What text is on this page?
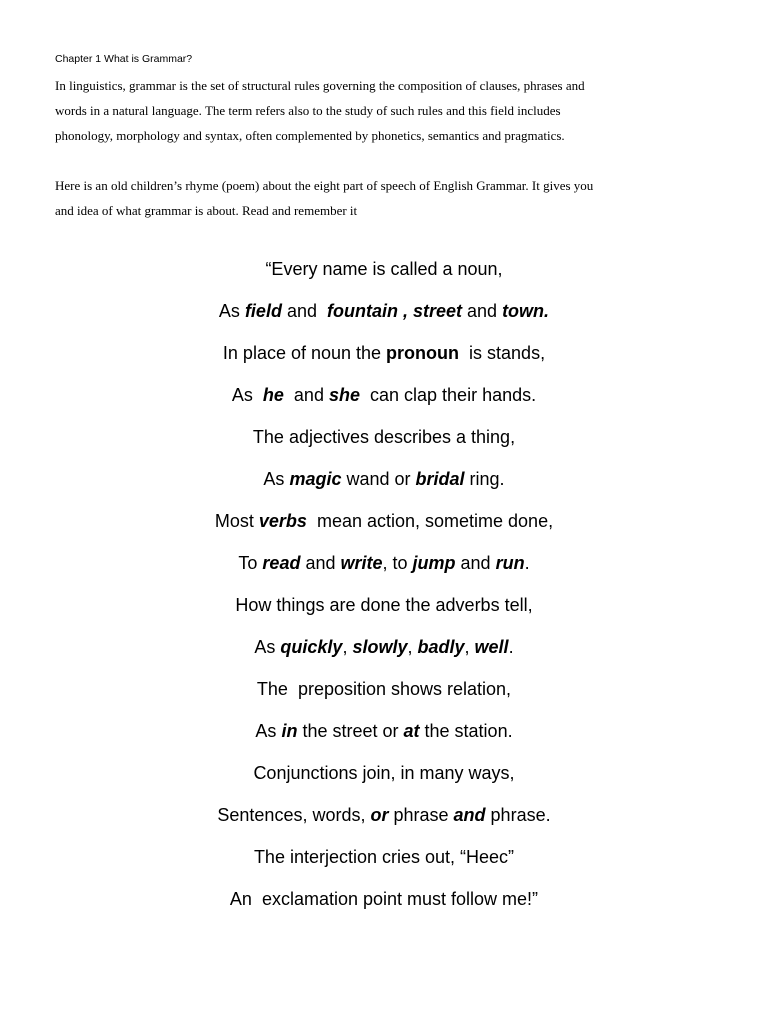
Chapter 1 What is Grammar?
In linguistics, grammar is the set of structural rules governing the composition of clauses, phrases and
words in a natural language. The term refers also to the study of such rules and this field includes
phonology, morphology and syntax, often complemented by phonetics, semantics and pragmatics.
Here is an old children’s rhyme (poem) about the eight part of speech of English Grammar. It gives you
and idea of what grammar is about. Read and remember it
“Every name is called a noun,
As field and  fountain , street and town.
In place of noun the pronoun  is stands,
As  he  and she  can clap their hands.
The adjectives describes a thing,
As magic wand or bridal ring.
Most verbs  mean action, sometime done,
To read and write, to jump and run.
How things are done the adverbs tell,
As quickly, slowly, badly, well.
The  preposition shows relation,
As in the street or at the station.
Conjunctions join, in many ways,
Sentences, words, or phrase and phrase.
The interjection cries out, “Heec”
An  exclamation point must follow me!”
